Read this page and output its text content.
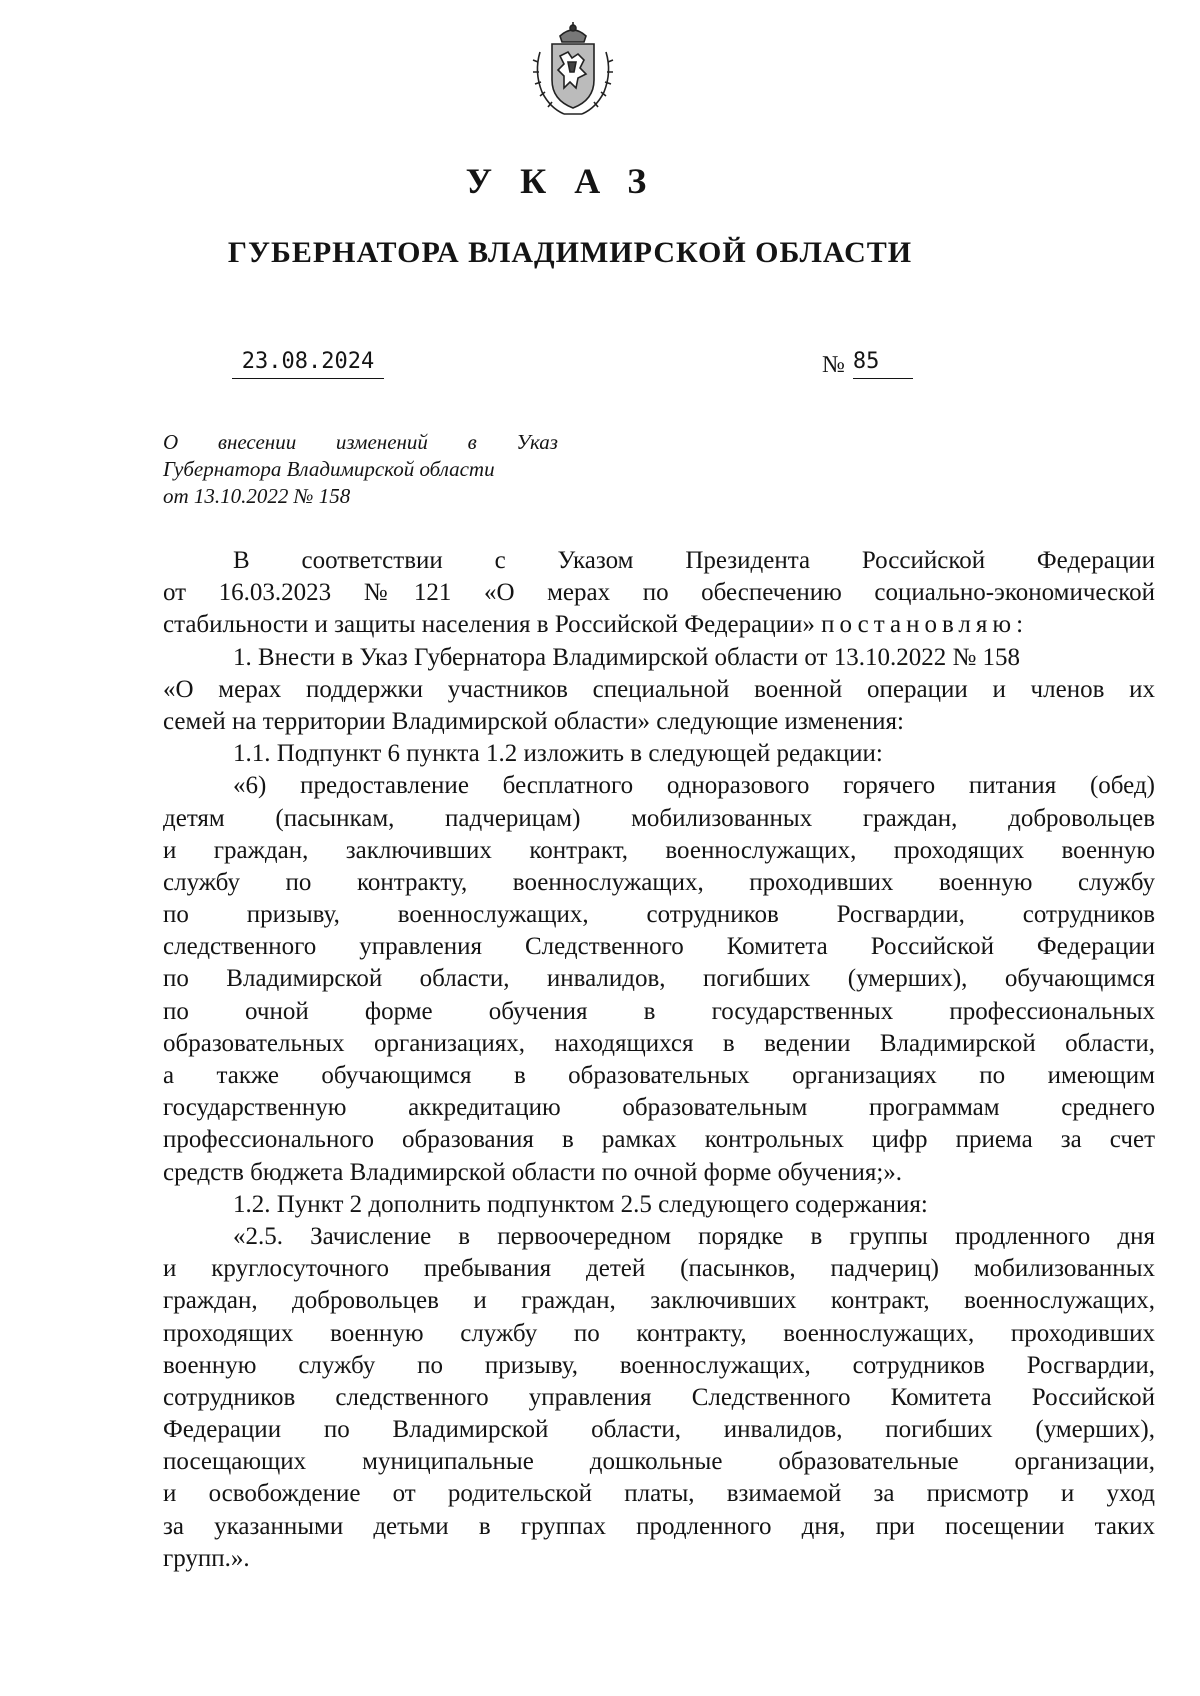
УКАЗ
ГУБЕРНАТОРА ВЛАДИМИРСКОЙ ОБЛАСТИ
23.08.2024	№ 85
О внесении изменений в Указ
Губернатора Владимирской области
от 13.10.2022 № 158
В соответствии с Указом Президента Российской Федерации
от 16.03.2023 №121 «О мерах по обеспечению социально-экономической
стабильности и защиты населения в Российской Федерации» постановляю:
1. Внести в Указ Губернатора Владимирской области от 13.10.2022 № 158
«О мерах поддержки участников специальной военной операции и членов их
семей на территории Владимирской области» следующие изменения:
1.1. Подпункт 6 пункта 1.2 изложить в следующей редакции:
«6) предоставление бесплатного одноразового горячего питания (обед)
детям (пасынкам, падчерицам) мобилизованных граждан, добровольцев
и граждан, заключивших контракт, военнослужащих, проходящих военную
службу по контракту, военнослужащих, проходивших военную службу
по призыву, военнослужащих, сотрудников Росгвардии, сотрудников
следственного управления Следственного Комитета Российской Федерации
по Владимирской области, инвалидов, погибших (умерших), обучающимся
по очной форме обучения в государственных профессиональных
образовательных организациях, находящихся в ведении Владимирской области,
а также обучающимся в образовательных организациях по имеющим
государственную аккредитацию образовательным программам среднего
профессионального образования в рамках контрольных цифр приема за счет
средств бюджета Владимирской области по очной форме обучения;».
1.2. Пункт 2 дополнить подпунктом 2.5 следующего содержания:
«2.5. Зачисление в первоочередном порядке в группы продленного дня
и круглосуточного пребывания детей (пасынков, падчериц) мобилизованных
граждан, добровольцев и граждан, заключивших контракт, военнослужащих,
проходящих военную службу по контракту, военнослужащих, проходивших
военную службу по призыву, военнослужащих, сотрудников Росгвардии,
сотрудников следственного управления Следственного Комитета Российской
Федерации по Владимирской области, инвалидов, погибших (умерших),
посещающих муниципальные дошкольные образовательные организации,
и освобождение от родительской платы, взимаемой за присмотр и уход
за указанными детьми в группах продленного дня, при посещении таких
групп.».
